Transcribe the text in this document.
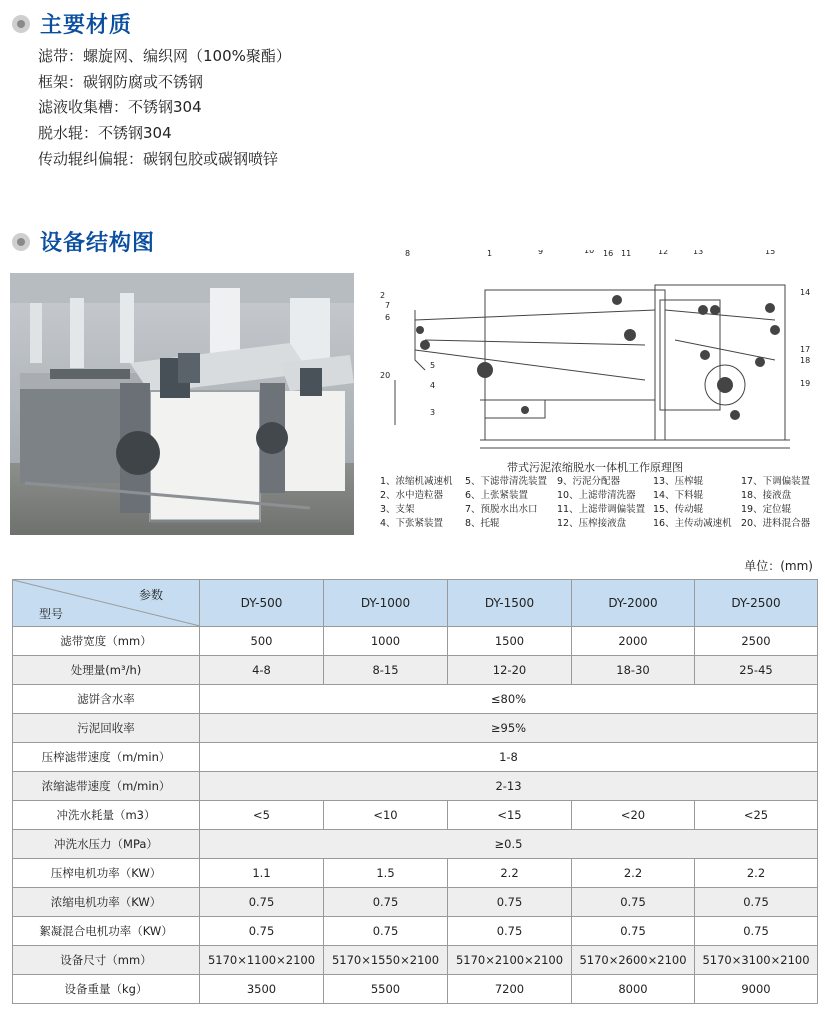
主要材质
滤带：螺旋网、编织网（100%聚酯）
框架：碳钢防腐或不锈钢
滤液收集槽：不锈钢304
脱水辊：不锈钢304
传动辊纠偏辊：碳钢包胶或碳钢喷锌
设备结构图	1
2
3
4
5
6
7
8	9	10	11	12	13
14
15
16
17
18
19
20
带式污泥浓缩脱水一体机工作原理图
1、浓缩机减速机	5、下滤带清洗装置	9、污泥分配器	13、压榨辊	17、下调偏装置
2、水中造粒器	6、上张紧装置	10、上滤带清洗器	14、下料辊	18、接液盘
3、支架	7、预脱水出水口	11、上滤带调偏装置 15、传动辊	19、定位辊
4、下张紧装置	8、托辊	12、压榨接液盘	16、主传动减速机 20、进料混合器
单位：(mm)
参数
型号	DY-500	DY-1000	DY-1500	DY-2000	DY-2500
滤带宽度（mm）	500	1000	1500	2000	2500
处理量(m³/h)	4-8	8-15	12-20	18-30	25-45
滤饼含水率	≤80%				
污泥回收率	≥95%				
压榨滤带速度（m/min）	1-8				
浓缩滤带速度（m/min）	2-13				
冲洗水耗量（m3）	<5	<10	<15	<20	<25
冲洗水压力（MPa）	≥0.5				
压榨电机功率（KW）	1.1	1.5	2.2	2.2	2.2
浓缩电机功率（KW）	0.75	0.75	0.75	0.75	0.75
絮凝混合电机功率（KW）	0.75	0.75	0.75	0.75	0.75
设备尺寸（mm）	5170×1100×2100	5170×1550×2100	5170×2100×2100	5170×2600×2100	5170×3100×2100
设备重量（kg）	3500	5500	7200	8000	9000
